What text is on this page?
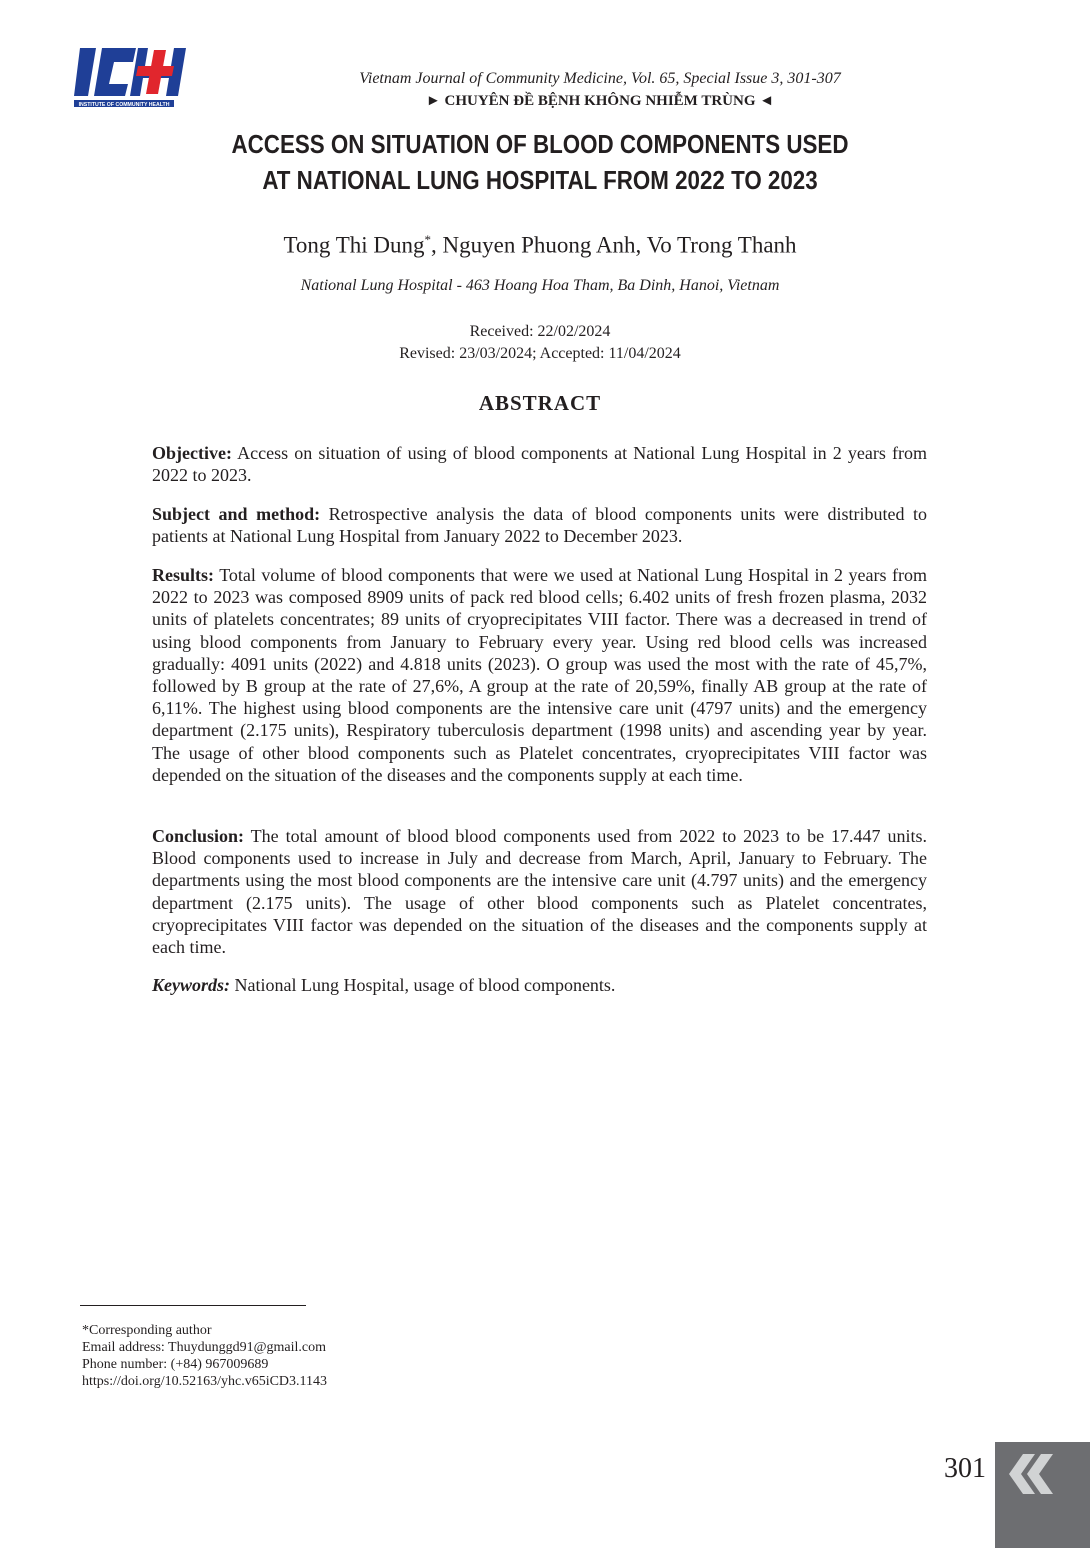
INSTITUTE OF COMMUNITY HEALTH
Vietnam Journal of Community Medicine, Vol. 65, Special Issue 3, 301-307
► CHUYÊN ĐỀ BỆNH KHÔNG NHIỄM TRÙNG ◄
ACCESS ON SITUATION OF BLOOD COMPONENTS USED
AT NATIONAL LUNG HOSPITAL FROM 2022 TO 2023
Tong Thi Dung*, Nguyen Phuong Anh, Vo Trong Thanh
National Lung Hospital - 463 Hoang Hoa Tham, Ba Dinh, Hanoi, Vietnam
Received: 22/02/2024
Revised: 23/03/2024; Accepted: 11/04/2024
ABSTRACT

Objective: Access on situation of using of blood components at National Lung Hospital in 2 years from 2022 to 2023.

Subject and method: Retrospective analysis the data of blood components units were distributed to patients at National Lung Hospital from January 2022 to December 2023.

Results: Total volume of blood components that were we used at National Lung Hospital in 2 years from 2022 to 2023 was composed 8909 units of pack red blood cells; 6.402 units of fresh frozen plasma, 2032 units of platelets concentrates; 89 units of cryoprecipitates VIII factor. There was a decreased in trend of using blood components from January to February every year. Using red blood cells was increased gradually: 4091 units (2022) and 4.818 units (2023). O group was used the most with the rate of 45,7%, followed by B group at the rate of 27,6%, A group at the rate of 20,59%, finally AB group at the rate of 6,11%. The highest using blood components are the intensive care unit (4797 units) and the emergency department (2.175 units), Respiratory tuberculosis department (1998 units) and ascending year by year. The usage of other blood components such as Platelet concentrates, cryoprecipitates VIII factor was depended on the situation of the diseases and the components supply at each time.

Conclusion: The total amount of blood blood components used from 2022 to 2023 to be 17.447 units. Blood components used to increase in July and decrease from March, April, January to February. The departments using the most blood components are the intensive care unit (4.797 units) and the emergency department (2.175 units). The usage of other blood components such as Platelet concentrates, cryoprecipitates VIII factor was depended on the situation of the diseases and the components supply at each time.

Keywords: National Lung Hospital, usage of blood components.

*Corresponding author
Email address: Thuydunggd91@gmail.com
Phone number: (+84) 967009689
https://doi.org/10.52163/yhc.v65iCD3.1143
301
